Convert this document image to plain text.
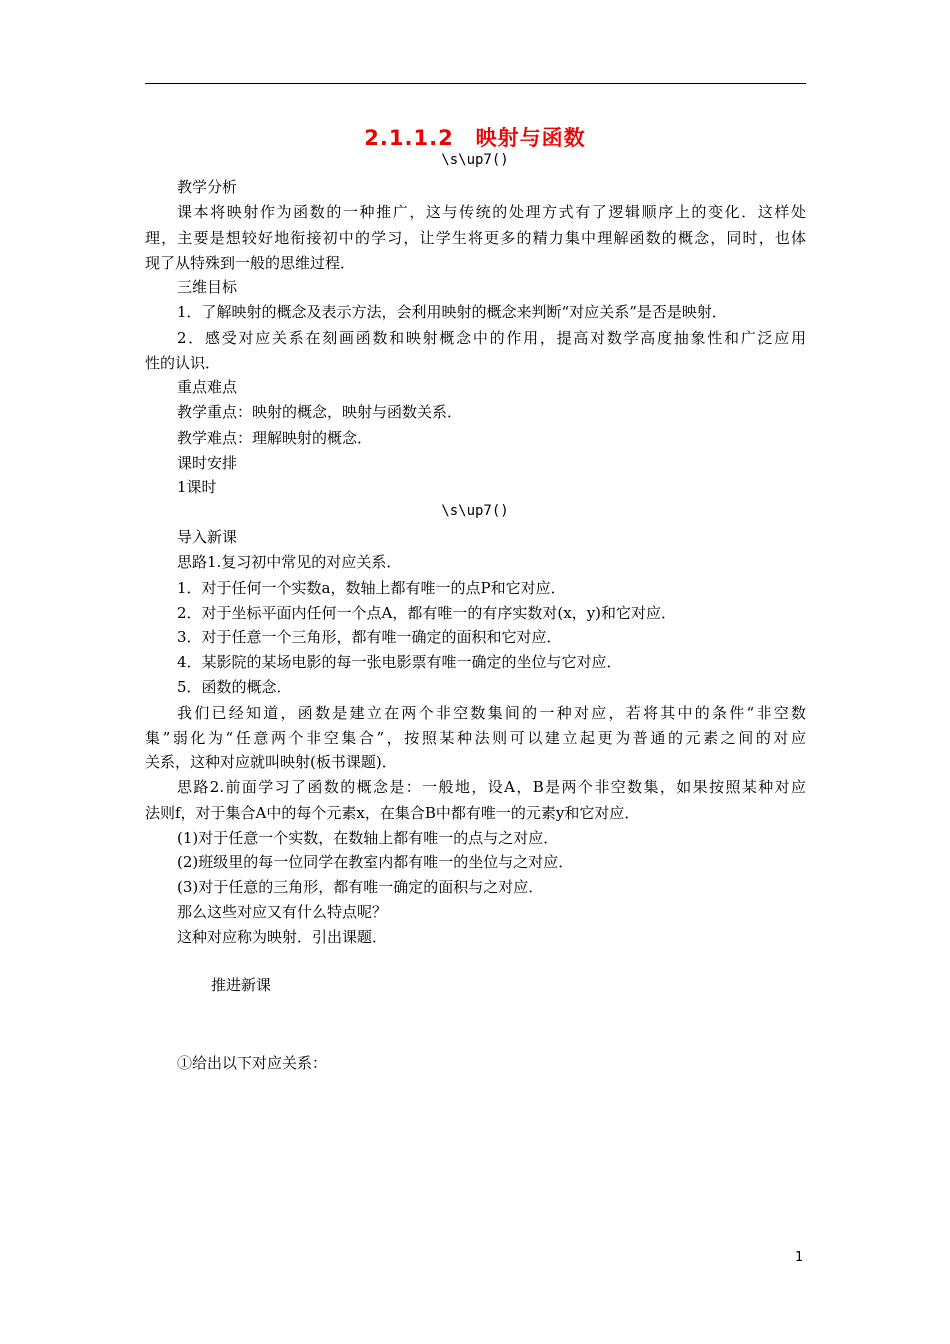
2.1.1.2　映射与函数
\s\up7()
教学分析
课本将映射作为函数的一种推广，这与传统的处理方式有了逻辑顺序上的变化．这样处
理，主要是想较好地衔接初中的学习，让学生将更多的精力集中理解函数的概念，同时，也体
现了从特殊到一般的思维过程．
三维目标
1．了解映射的概念及表示方法，会利用映射的概念来判断“对应关系”是否是映射．
2．感受对应关系在刻画函数和映射概念中的作用，提高对数学高度抽象性和广泛应用
性的认识．
重点难点
教学重点：映射的概念，映射与函数关系．
教学难点：理解映射的概念．
课时安排
1课时
\s\up7()
导入新课
思路1.复习初中常见的对应关系．
1．对于任何一个实数a，数轴上都有唯一的点P和它对应．
2．对于坐标平面内任何一个点A，都有唯一的有序实数对(x，y)和它对应．
3．对于任意一个三角形，都有唯一确定的面积和它对应．
4．某影院的某场电影的每一张电影票有唯一确定的坐位与它对应．
5．函数的概念．
我们已经知道，函数是建立在两个非空数集间的一种对应，若将其中的条件“非空数
集”弱化为“任意两个非空集合”，按照某种法则可以建立起更为普通的元素之间的对应
关系，这种对应就叫映射(板书课题)．
思路2.前面学习了函数的概念是：一般地，设A，B是两个非空数集，如果按照某种对应
法则f，对于集合A中的每个元素x，在集合B中都有唯一的元素y和它对应．
(1)对于任意一个实数，在数轴上都有唯一的点与之对应．
(2)班级里的每一位同学在教室内都有唯一的坐位与之对应．
(3)对于任意的三角形，都有唯一确定的面积与之对应．
那么这些对应又有什么特点呢？
这种对应称为映射．引出课题．
推进新课
①给出以下对应关系：
1
